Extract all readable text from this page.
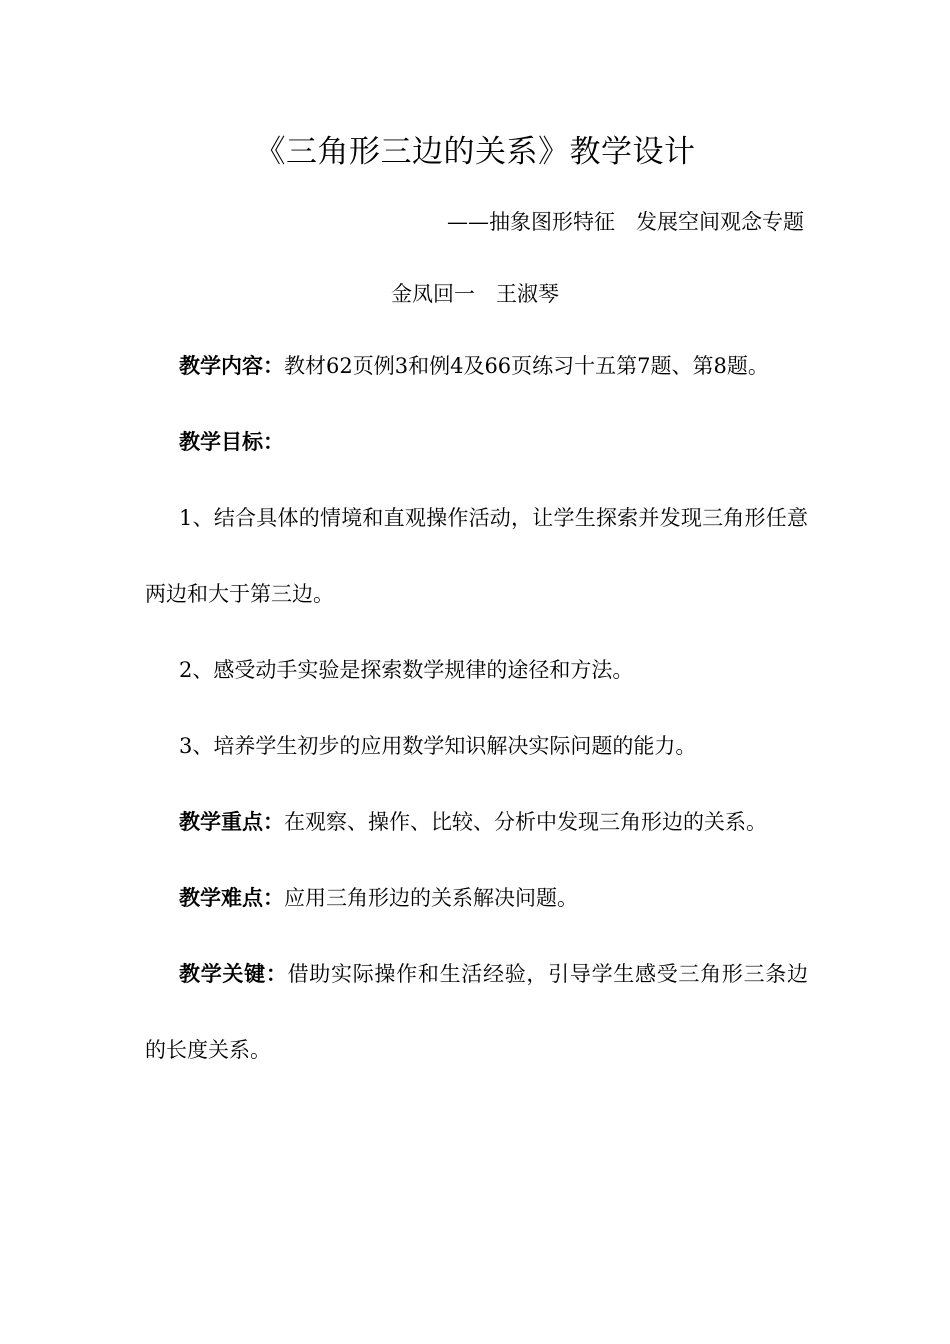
《三角形三边的关系》教学设计
——抽象图形特征　发展空间观念专题
金凤回一　王淑琴

教学内容：教材62页例3和例4及66页练习十五第7题、第8题。

教学目标：

1、结合具体的情境和直观操作活动，让学生探索并发现三角形任意两边和大于第三边。

2、感受动手实验是探索数学规律的途径和方法。

3、培养学生初步的应用数学知识解决实际问题的能力。

教学重点：在观察、操作、比较、分析中发现三角形边的关系。

教学难点：应用三角形边的关系解决问题。

教学关键：借助实际操作和生活经验，引导学生感受三角形三条边的长度关系。
